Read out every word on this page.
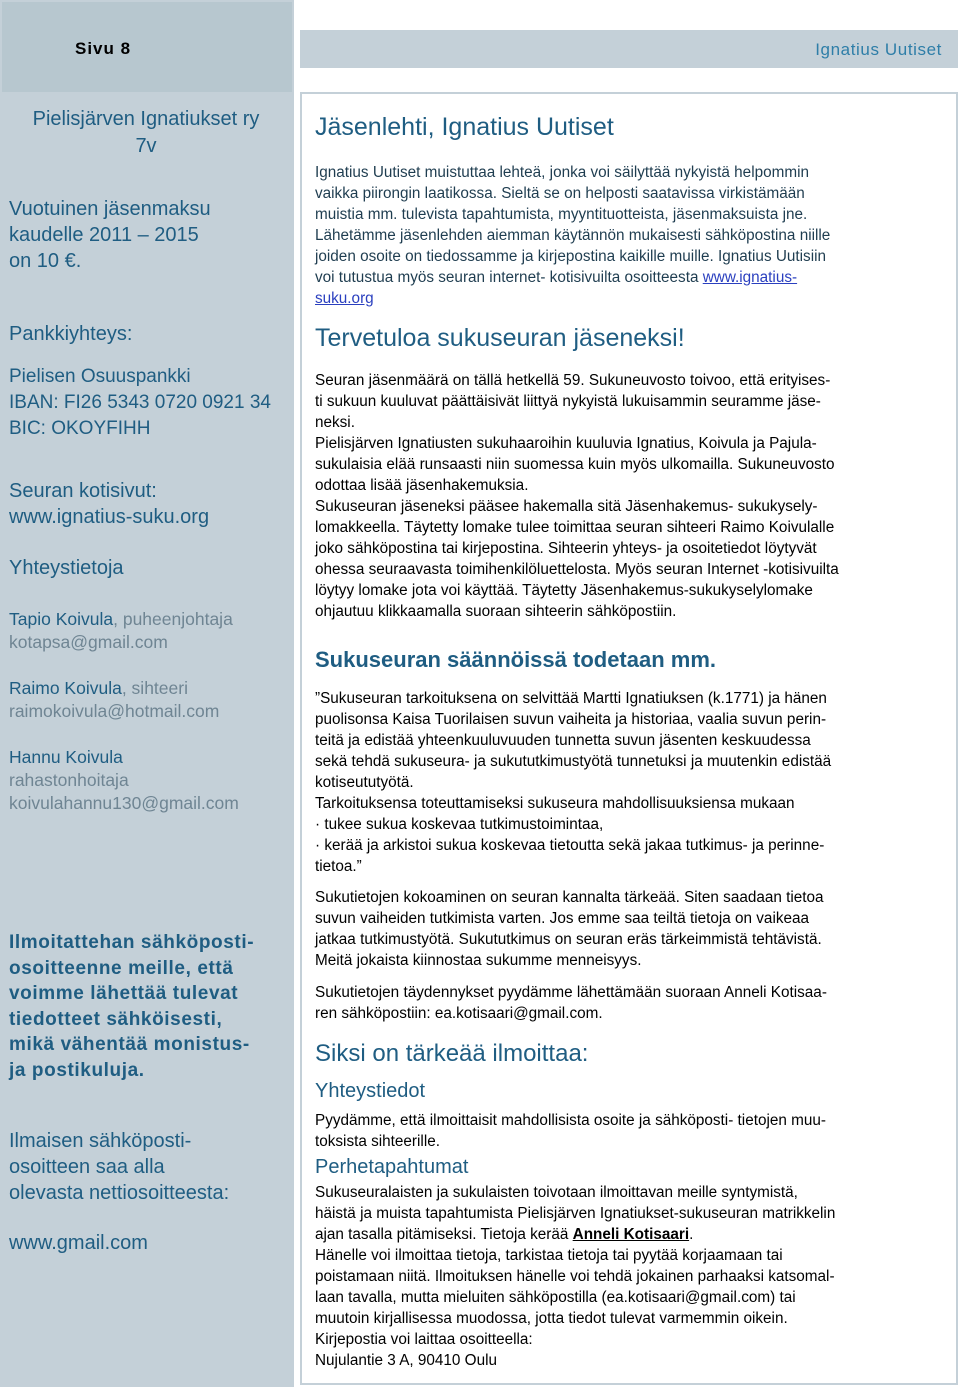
Sivu 8
Pielisjärven Ignatiukset ry
7v
Vuotuinen jäsenmaksu
kaudelle 2011 – 2015
on 10 €.
Pankkiyhteys:
Pielisen Osuuspankki
IBAN: FI26 5343 0720 0921 34
BIC: OKOYFIHH
Seuran kotisivut:
www.ignatius-suku.org
Yhteystietoja
Tapio Koivula, puheenjohtaja
kotapsa@gmail.com
Raimo Koivula, sihteeri
raimokoivula@hotmail.com
Hannu Koivula
rahastonhoitaja
koivulahannu130@gmail.com
Ilmoitattehan sähköposti-
osoitteenne meille, että
voimme lähettää tulevat
tiedotteet sähköisesti,
mikä vähentää monistus-
ja postikuluja.
Ilmaisen sähköposti-
osoitteen saa alla
olevasta nettiosoitteesta:
www.gmail.com
Ignatius Uutiset
Jäsenlehti, Ignatius Uutiset
Ignatius Uutiset muistuttaa lehteä, jonka voi säilyttää nykyistä helpommin
vaikka piirongin laatikossa. Sieltä se on helposti saatavissa virkistämään
muistia mm. tulevista tapahtumista, myyntituotteista, jäsenmaksuista jne.
Lähetämme jäsenlehden aiemman käytännön mukaisesti sähköpostina niille
joiden osoite on tiedossamme ja kirjepostina kaikille muille. Ignatius Uutisiin
voi tutustua myös seuran internet- kotisivuilta osoitteesta www.ignatius-
suku.org
Tervetuloa sukuseuran jäseneksi!
Seuran jäsenmäärä on tällä hetkellä 59. Sukuneuvosto toivoo, että erityises-
ti sukuun kuuluvat päättäisivät liittyä nykyistä lukuisammin seuramme jäse-
neksi.
Pielisjärven Ignatiusten sukuhaaroihin kuuluvia Ignatius, Koivula ja Pajula-
sukulaisia elää runsaasti niin suomessa kuin myös ulkomailla. Sukuneuvosto
odottaa lisää jäsenhakemuksia.
Sukuseuran jäseneksi pääsee hakemalla sitä Jäsenhakemus- sukukysely-
lomakkeella. Täytetty lomake tulee toimittaa seuran sihteeri Raimo Koivulalle
joko sähköpostina tai kirjepostina. Sihteerin yhteys- ja osoitetiedot löytyvät
ohessa seuraavasta toimihenkilöluettelosta. Myös seuran Internet -kotisivuilta
löytyy lomake jota voi käyttää. Täytetty Jäsenhakemus-sukukyselylomake
ohjautuu klikkaamalla suoraan sihteerin sähköpostiin.
Sukuseuran säännöissä todetaan mm.
”Sukuseuran tarkoituksena on selvittää Martti Ignatiuksen (k.1771) ja hänen
puolisonsa Kaisa Tuorilaisen suvun vaiheita ja historiaa, vaalia suvun perin-
teitä ja edistää yhteenkuuluvuuden tunnetta suvun jäsenten keskuudessa
sekä tehdä sukuseura- ja sukututkimustyötä tunnetuksi ja muutenkin edistää
kotiseututyötä.
Tarkoituksensa toteuttamiseksi sukuseura mahdollisuuksiensa mukaan
· tukee sukua koskevaa tutkimustoimintaa,
· kerää ja arkistoi sukua koskevaa tietoutta sekä jakaa tutkimus- ja perinne-
tietoa.”
Sukutietojen kokoaminen on seuran kannalta tärkeää. Siten saadaan tietoa
suvun vaiheiden tutkimista varten. Jos emme saa teiltä tietoja on vaikeaa
jatkaa tutkimustyötä. Sukututkimus on seuran eräs tärkeimmistä tehtävistä.
Meitä jokaista kiinnostaa sukumme menneisyys.
Sukutietojen täydennykset pyydämme lähettämään suoraan Anneli Kotisaa-
ren sähköpostiin: ea.kotisaari@gmail.com.
Siksi on tärkeää ilmoittaa:
Yhteystiedot
Pyydämme, että ilmoittaisit mahdollisista osoite ja sähköposti- tietojen muu-
toksista sihteerille.
Perhetapahtumat
Sukuseuralaisten ja sukulaisten toivotaan ilmoittavan meille syntymistä,
häistä ja muista tapahtumista Pielisjärven Ignatiukset-sukuseuran matrikkelin
ajan tasalla pitämiseksi. Tietoja kerää Anneli Kotisaari.
Hänelle voi ilmoittaa tietoja, tarkistaa tietoja tai pyytää korjaamaan tai
poistamaan niitä. Ilmoituksen hänelle voi tehdä jokainen parhaaksi katsomal-
laan tavalla, mutta mieluiten sähköpostilla (ea.kotisaari@gmail.com) tai
muutoin kirjallisessa muodossa, jotta tiedot tulevat varmemmin oikein.
Kirjepostia voi laittaa osoitteella:
Nujulantie 3 A, 90410 Oulu
